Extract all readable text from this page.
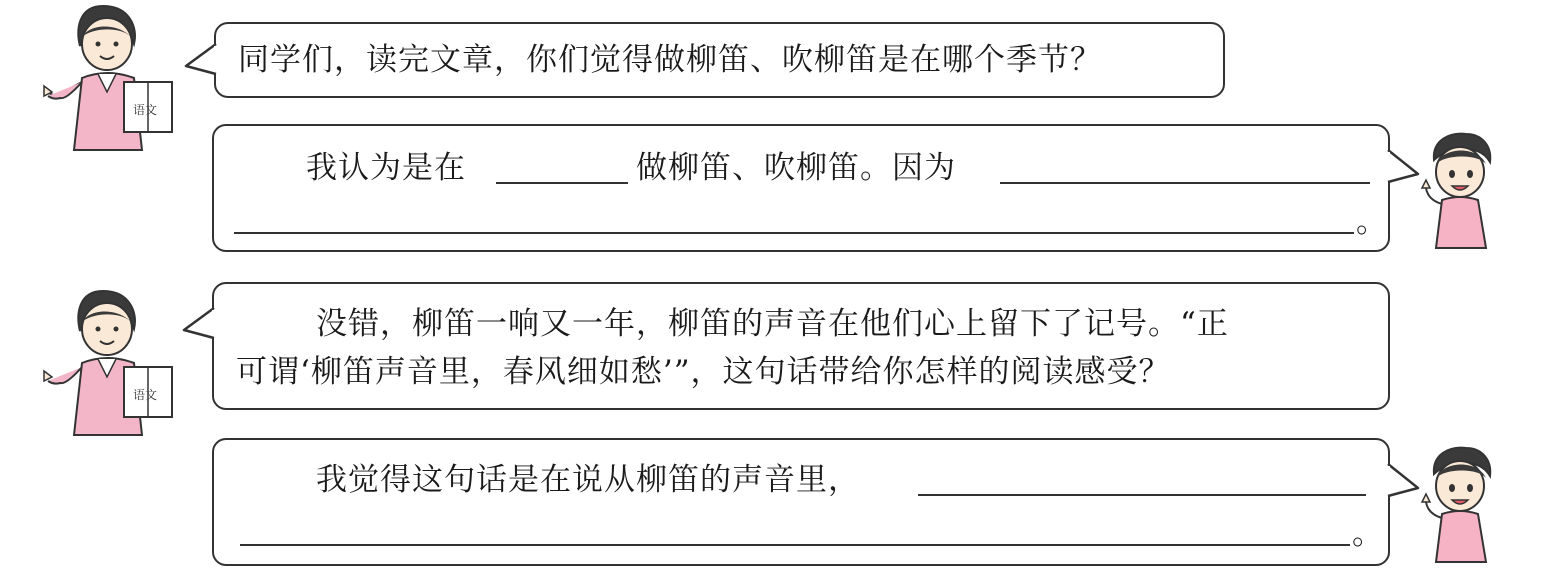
语文
同学们，读完文章，你们觉得做柳笛、吹柳笛是在哪个季节？
我认为是在	做柳笛、吹柳笛。因为
。
语文
没错，柳笛一响又一年，柳笛的声音在他们心上留下了记号。“正
可谓‘柳笛声音里，春风细如愁’”，这句话带给你怎样的阅读感受？
我觉得这句话是在说从柳笛的声音里，
。
